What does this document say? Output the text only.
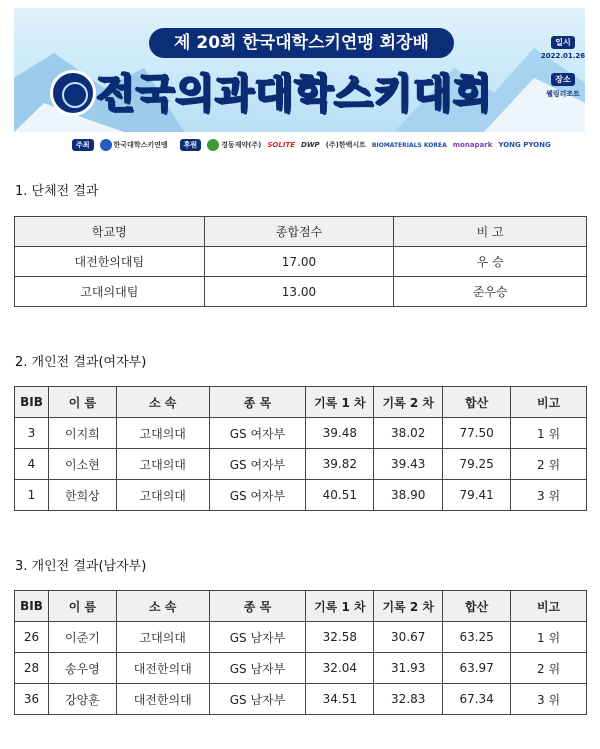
제 20회 한국대학스키연맹 회장배
전국의과대학스키대회
일시
2022.01.26
장소
웰링리조트
주최	한국대학스키연맹	후원	경동제약(주) SOLITE DWP (주)한백시트 BIOMATERIALS KOREA monapark YONG PYONG
1. 단체전 결과
학교명	종합점수	비 고
대전한의대팀	17.00	우 승
고대의대팀	13.00	준우승
2. 개인전 결과(여자부)
BIB	이 름	소 속	종 목	기록 1 차	기록 2 차	합산	비고
3	이지희	고대의대	GS 여자부	39.48	38.02	77.50	1 위
4	이소현	고대의대	GS 여자부	39.82	39.43	79.25	2 위
1	한희상	고대의대	GS 여자부	40.51	38.90	79.41	3 위
3. 개인전 결과(남자부)
BIB	이 름	소 속	종 목	기록 1 차	기록 2 차	합산	비고
26	이준기	고대의대	GS 남자부	32.58	30.67	63.25	1 위
28	송우영	대전한의대	GS 남자부	32.04	31.93	63.97	2 위
36	강양훈	대전한의대	GS 남자부	34.51	32.83	67.34	3 위
